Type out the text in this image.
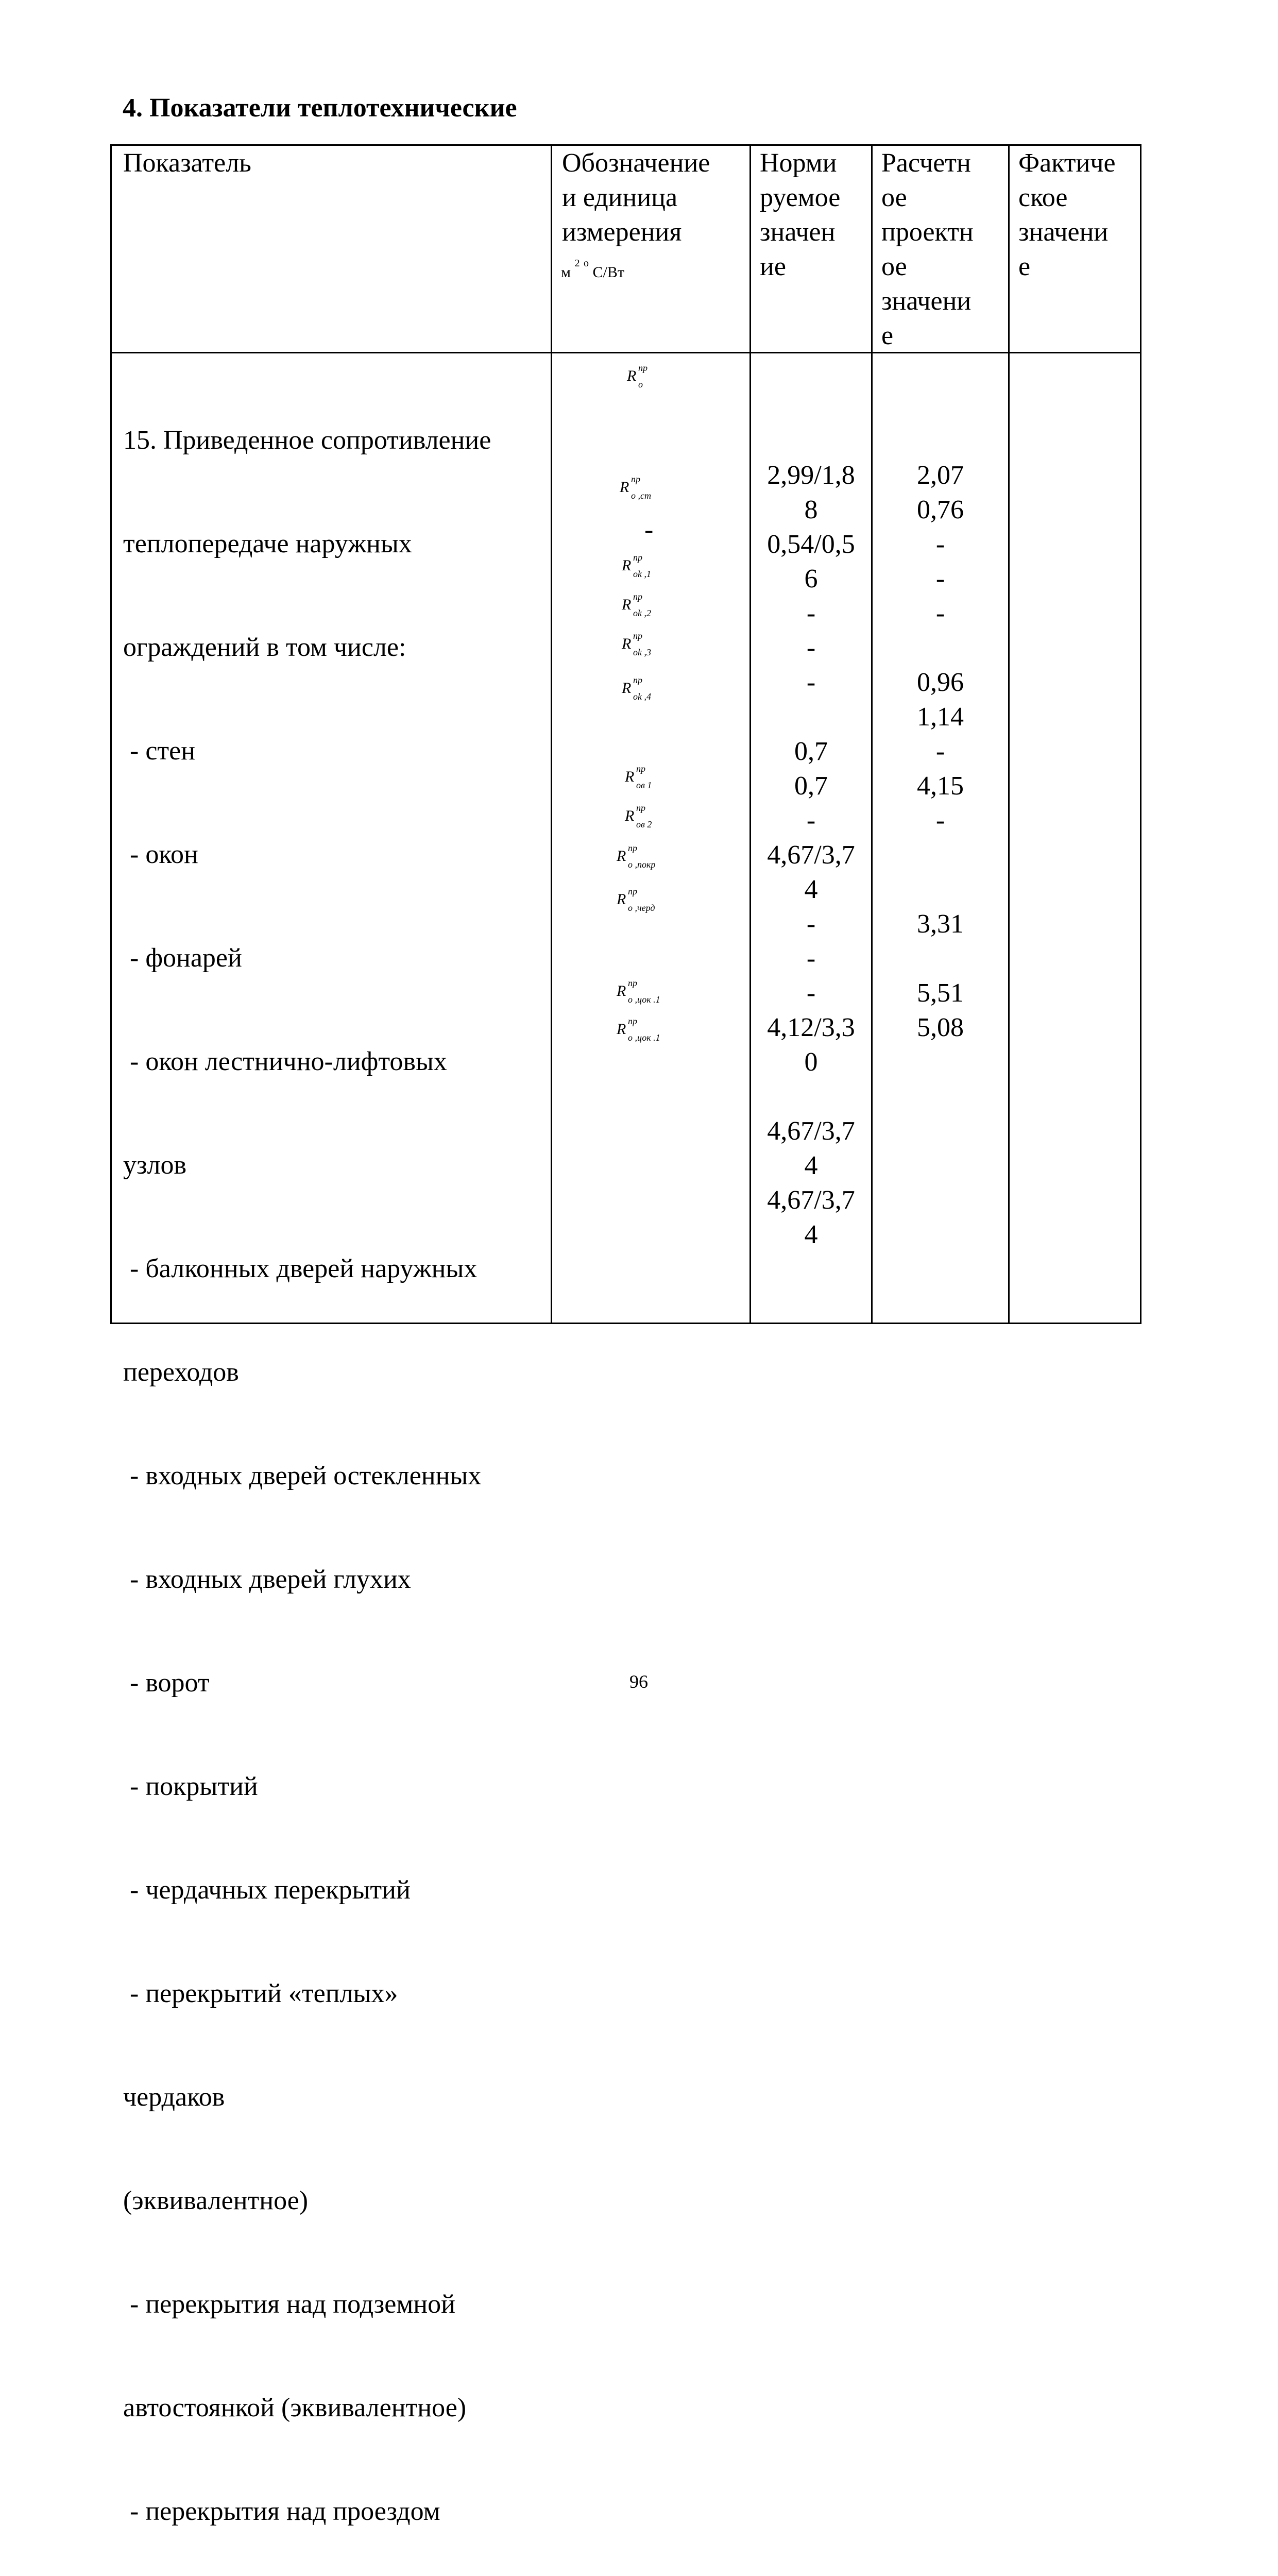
4. Показатели теплотехнические
Показатель	Обозначение
и единица
измерения
м $^2$ $^о$ С/Вт
Норми
руемое
значен
ие
Расчетн
ое
проектн
ое
значени
е
Фактиче
ское
значени
е

15. Приведенное сопротивление

теплопередаче наружных

ограждений в том числе:

- стен

- окон

- фонарей

- окон лестнично-лифтовых

узлов

- балконных дверей наружных

переходов

- входных дверей остекленных

- входных дверей глухих

- ворот

- покрытий

- чердачных перекрытий

- перекрытий «теплых»

чердаков

(эквивалентное)

- перекрытия над подземной

автостоянкой (эквивалентное)

- перекрытия над проездом

R пр
о
R пр
о ,ст
-
R пр
ok ,1
R пр
ok ,2
R пр
ok ,3
R пр
ok ,4
R пр
ов 1
R пр
ов 2
R пр
о ,покр
R пр
о ,черд
R пр
о ,цок .1
R пр
о ,цок .1
2,99/1,8
8
0,54/0,5
6
-
-
-
0,7
0,7
-
4,67/3,7
4
-
-
-
4,12/3,3
0
4,67/3,7
4
4,67/3,7
4
2,07
0,76
-
-
-
0,96
1,14
-
4,15
-
3,31
5,51
5,08
96
